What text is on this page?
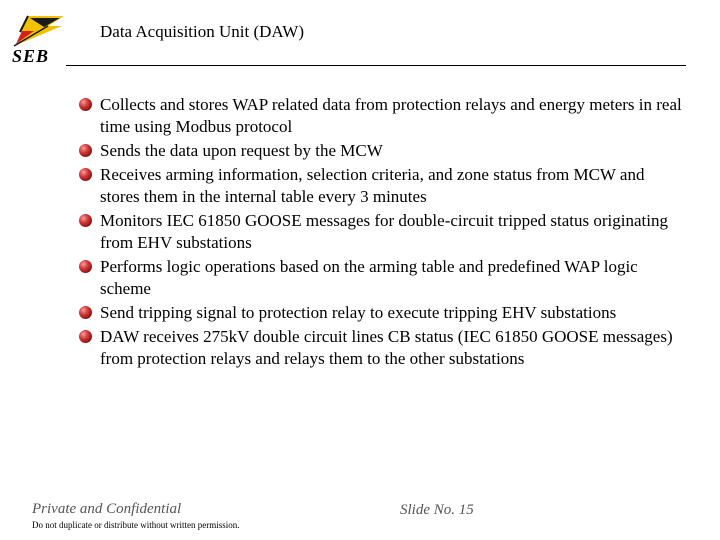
SEB
Data Acquisition Unit (DAW)
Collects and stores WAP related data from protection relays and energy meters in real time using Modbus protocol
Sends the data upon request by the MCW
Receives arming information, selection criteria, and zone status from MCW and stores them in the internal table every 3 minutes
Monitors IEC 61850 GOOSE messages for double-circuit tripped status originating from EHV substations
Performs logic operations based on the arming table and predefined WAP logic scheme
Send tripping signal to protection relay to execute tripping EHV substations
DAW receives 275kV double circuit lines CB status (IEC 61850 GOOSE messages) from protection relays and relays them to the other substations
Private and Confidential
Do not duplicate or distribute without written permission.
Slide No. 15
